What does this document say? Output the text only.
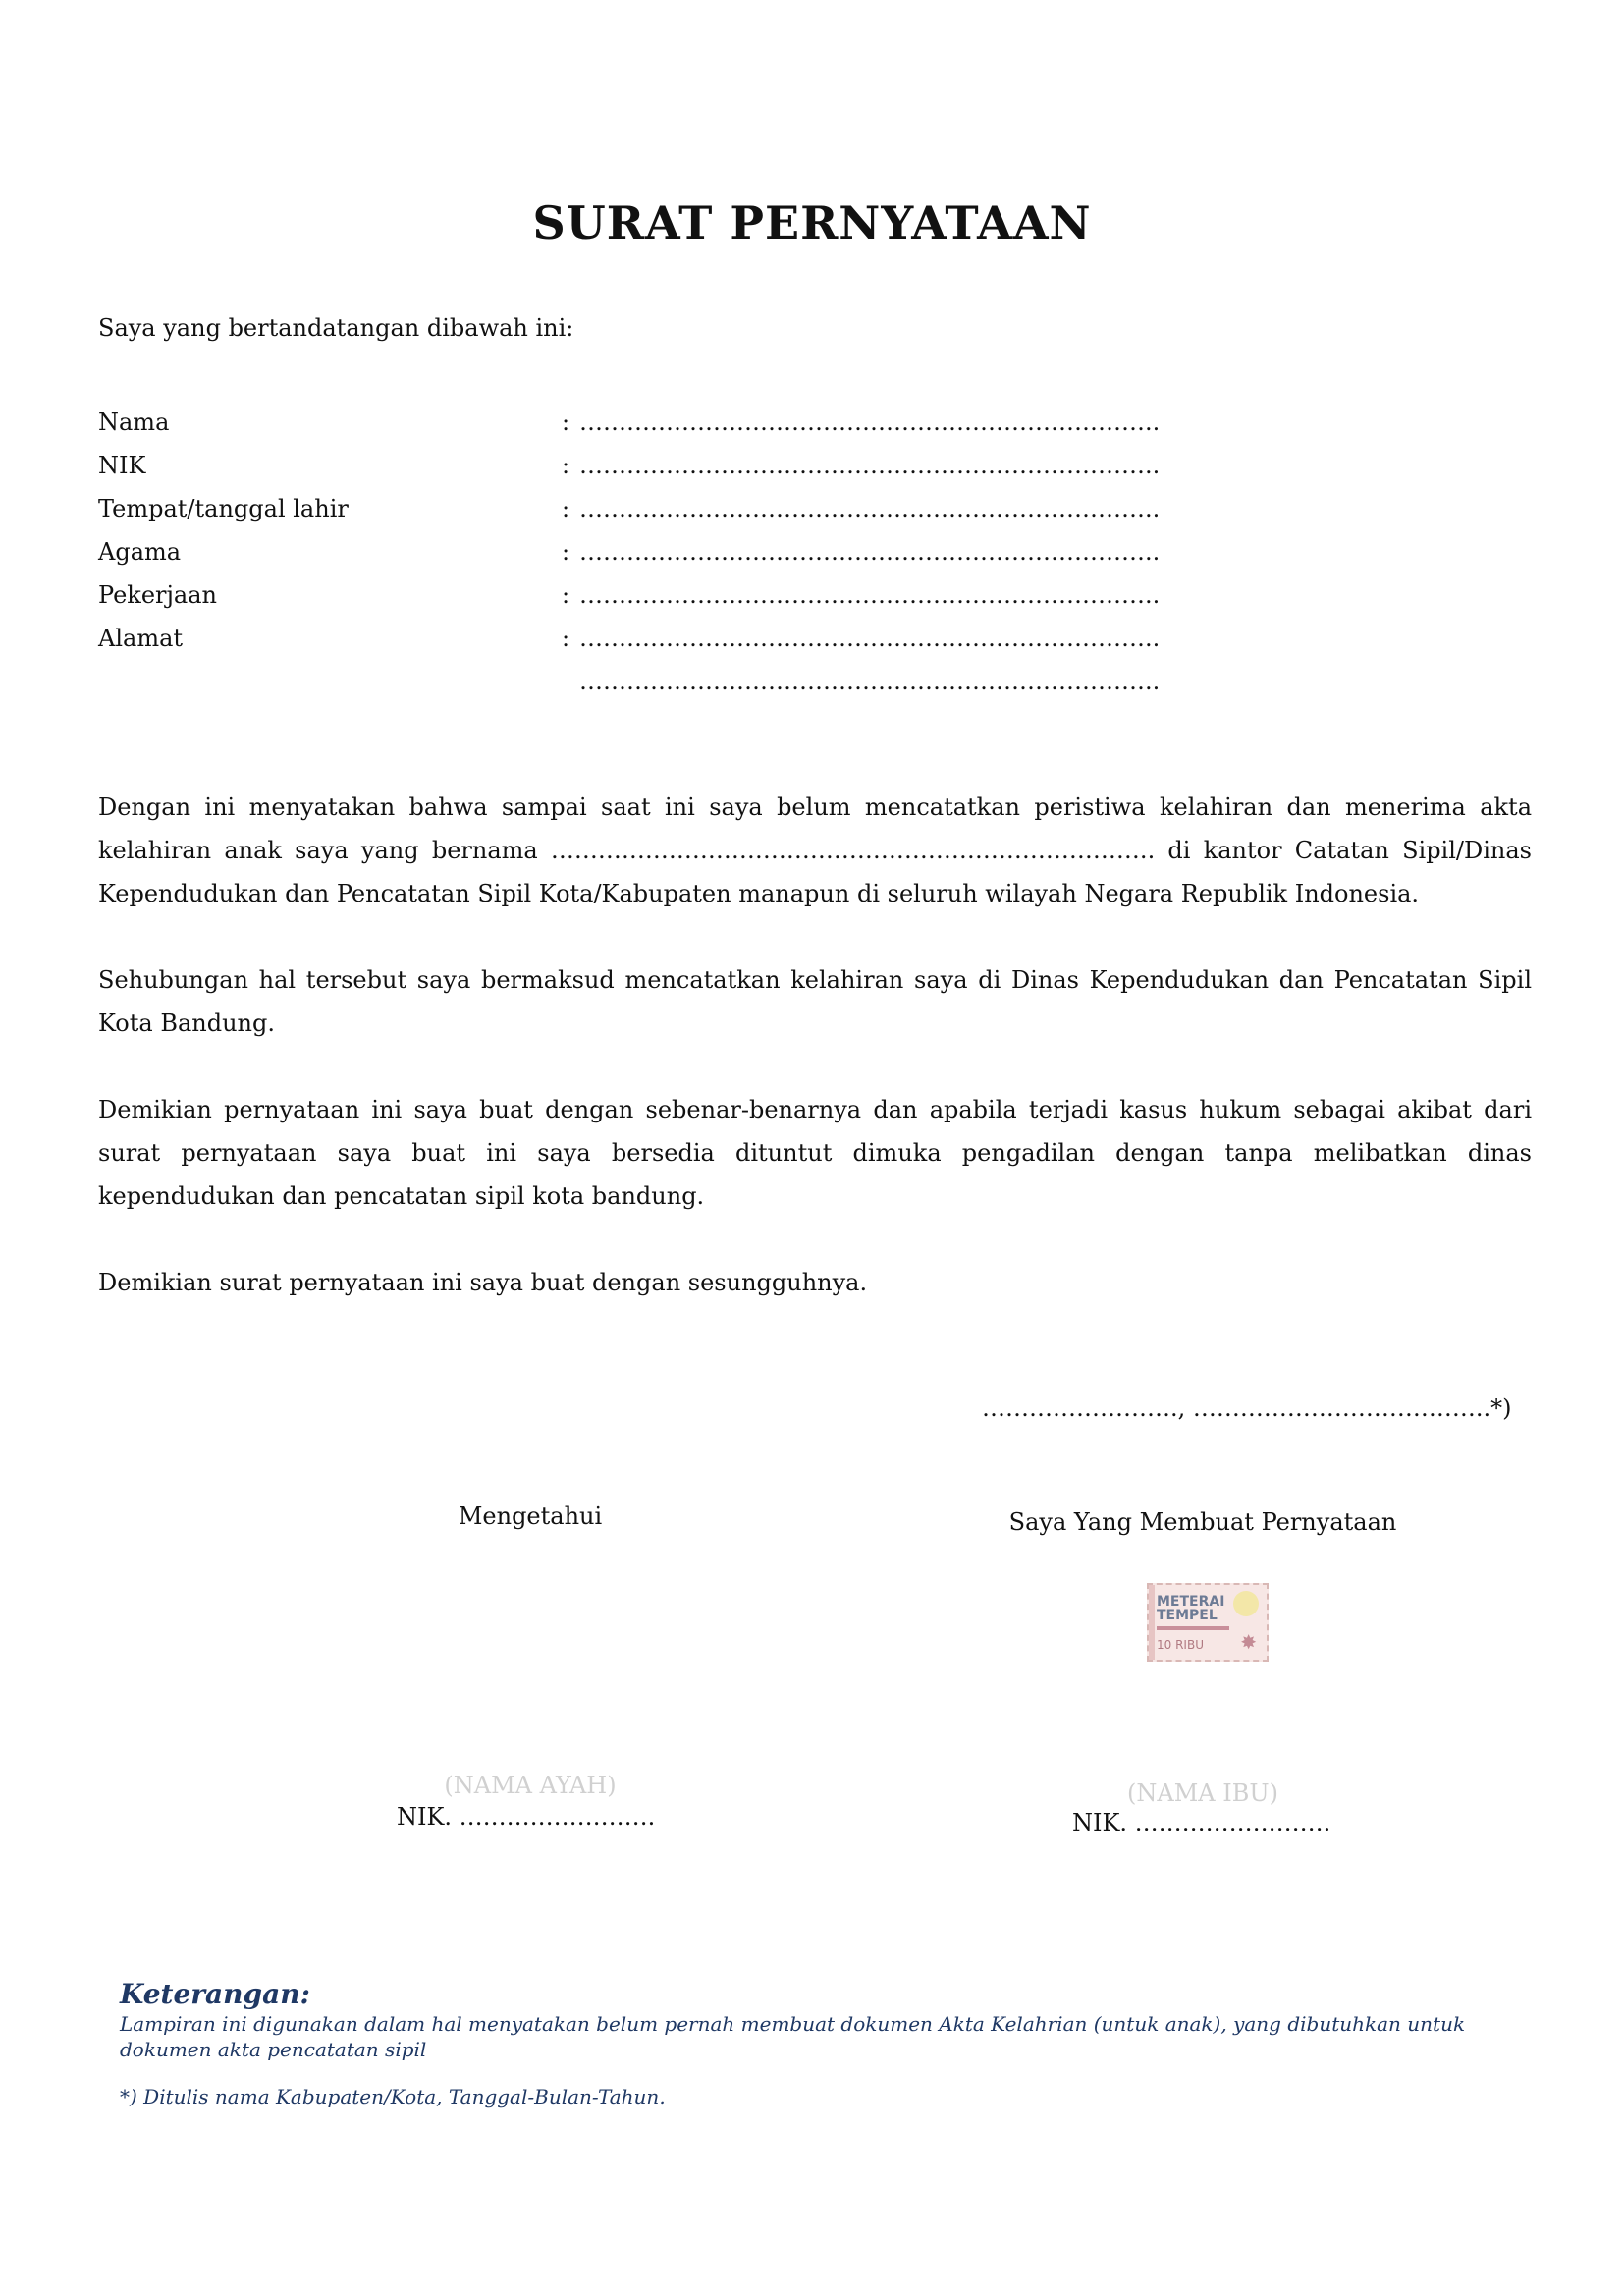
SURAT PERNYATAAN
Saya yang bertandatangan dibawah ini:
Nama	: ………………………………………………………………..
NIK	: ………………………………………………………………..
Tempat/tanggal lahir	: ………………………………………………………………..
Agama	: ………………………………………………………………..
Pekerjaan	: ………………………………………………………………..
Alamat	: ………………………………………………………………..
………………………………………………………………..
Dengan ini menyatakan bahwa sampai saat ini saya belum mencatatkan peristiwa kelahiran dan menerima akta kelahiran anak saya yang bernama ………………………………………………………………….. di kantor Catatan Sipil/Dinas Kependudukan dan Pencatatan Sipil Kota/Kabupaten manapun di seluruh wilayah Negara Republik Indonesia.
Sehubungan hal tersebut saya bermaksud mencatatkan kelahiran saya di Dinas Kependudukan dan Pencatatan Sipil Kota Bandung.
Demikian pernyataan ini saya buat dengan sebenar-benarnya dan apabila terjadi kasus hukum sebagai akibat dari surat pernyataan saya buat ini saya bersedia dituntut dimuka pengadilan dengan tanpa melibatkan dinas kependudukan dan pencatatan sipil kota bandung.
Demikian surat pernyataan ini saya buat dengan sesungguhnya.
……………………., ………………………………..*)
Mengetahui	Saya Yang Membuat Pernyataan
METERAI
TEMPEL
10 RIBU ✸
(NAMA AYAH)	(NAMA IBU)
NIK. …………………….	NIK. …………………….
Keterangan:
Lampiran ini digunakan dalam hal menyatakan belum pernah membuat dokumen Akta Kelahrian (untuk anak), yang dibutuhkan untuk dokumen akta pencatatan sipil
*) Ditulis nama Kabupaten/Kota, Tanggal-Bulan-Tahun.
